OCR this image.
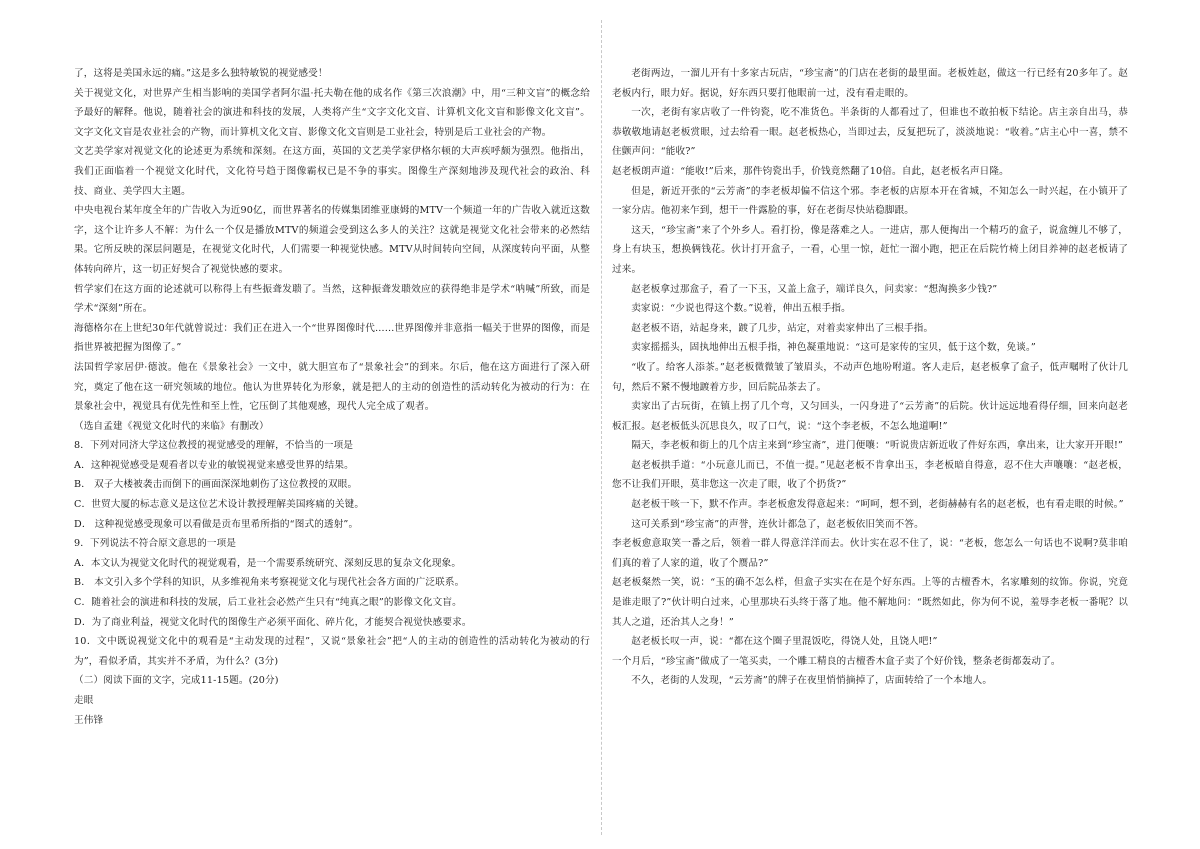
了，这将是美国永远的痛。”这是多么独特敏锐的视觉感受！

关于视觉文化，对世界产生相当影响的美国学者阿尔温·托夫勒在他的成名作《第三次浪潮》中，用“三种文盲”的概念给予最好的解释。他说，随着社会的演进和科技的发展，人类将产生“文字文化文盲、计算机文化文盲和影像文化文盲”。文字文化文盲是农业社会的产物，而计算机文化文盲、影像文化文盲则是工业社会，特别是后工业社会的产物。

文艺美学家对视觉文化的论述更为系统和深刻。在这方面，英国的文艺美学家伊格尔顿的大声疾呼颇为强烈。他指出，我们正面临着一个视觉文化时代，文化符号趋于图像霸权已是不争的事实。图像生产深刻地涉及现代社会的政治、科技、商业、美学四大主题。

中央电视台某年度全年的广告收入为近90亿，而世界著名的传媒集团维亚康姆的MTV一个频道一年的广告收入就近这数字，这个让许多人不解：为什么一个仅是播放MTV的频道会受到这么多人的关注？这就是视觉文化社会带来的必然结果。它所反映的深层问题是，在视觉文化时代，人们需要一种视觉快感。MTV从时间转向空间，从深度转向平面，从整体转向碎片，这一切正好契合了视觉快感的要求。

哲学家们在这方面的论述就可以称得上有些振聋发聩了。当然，这种振聋发聩效应的获得绝非是学术“呐喊”所致，而是学术“深刻”所在。

海德格尔在上世纪30年代就曾说过：我们正在进入一个“世界图像时代……世界图像并非意指一幅关于世界的图像，而是指世界被把握为图像了。”

法国哲学家居伊·德波。他在《景象社会》一文中，就大胆宣布了“景象社会”的到来。尔后，他在这方面进行了深入研究，奠定了他在这一研究领域的地位。他认为世界转化为形象，就是把人的主动的创造性的活动转化为被动的行为：在景象社会中，视觉具有优先性和至上性，它压倒了其他观感，现代人完全成了观者。

（选自孟建《视觉文化时代的来临》有删改）

8．下列对同济大学这位教授的视觉感受的理解，不恰当的一项是

A．这种视觉感受是观看者以专业的敏锐视觉来感受世界的结果。

B． 双子大楼被袭击而倒下的画面深深地刺伤了这位教授的双眼。

C．世贸大厦的标志意义是这位艺术设计教授理解美国疼痛的关键。

D． 这种视觉感受现象可以看做是贡布里希所指的“图式的透射”。

9．下列说法不符合原文意思的一项是

A．本文认为视觉文化时代的视觉观看，是一个需要系统研究、深刻反思的复杂文化现象。

B． 本文引入多个学科的知识，从多维视角来考察视觉文化与现代社会各方面的广泛联系。

C．随着社会的演进和科技的发展，后工业社会必然产生只有“纯真之眼”的影像文化文盲。

D．为了商业利益，视觉文化时代的图像生产必须平面化、碎片化，才能契合视觉快感要求。

10．文中既说视觉文化中的观看是“主动发现的过程”，又说“景象社会”把“人的主动的创造性的活动转化为被动的行为”，看似矛盾，其实并不矛盾，为什么？(3分)

（二）阅读下面的文字，完成11-15题。(20分)

走眼

王伟锋

老街两边，一溜儿开有十多家古玩店，“珍宝斋”的门店在老街的最里面。老板姓赵，做这一行已经有20多年了。赵老板内行，眼力好。据说，好东西只要打他眼前一过，没有看走眼的。

一次，老街有家店收了一件钧瓷，吃不准货色。半条街的人都看过了，但谁也不敢拍板下结论。店主亲自出马，恭恭敬敬地请赵老板赏眼，过去给看一眼。赵老板热心，当即过去，反复把玩了，淡淡地说：“收着。”店主心中一喜，禁不住颤声问：“能收?”

赵老板朗声道：“能收!”后来，那件钧瓷出手，价钱竟然翻了10倍。自此，赵老板名声日隆。

但是，新近开张的“云芳斋”的李老板却偏不信这个邪。李老板的店原本开在省城，不知怎么一时兴起，在小镇开了一家分店。他初来乍到，想干一件露脸的事，好在老街尽快站稳脚跟。

这天，“珍宝斋”来了个外乡人。看打扮，像是落难之人。一进店，那人便掏出一个精巧的盒子，说盒缠儿不够了，身上有块玉，想换俩钱花。伙计打开盒子，一看，心里一惊，赶忙一溜小跑，把正在后院竹椅上闭目养神的赵老板请了过来。

赵老板拿过那盒子，看了一下玉，又盖上盒子，端详良久，问卖家：“想淘换多少钱?”

卖家说：“少说也得这个数。”说着，伸出五根手指。

赵老板不语，站起身来，踱了几步，站定，对着卖家伸出了三根手指。

卖家摇摇头，固执地伸出五根手指，神色凝重地说：“这可是家传的宝贝，低于这个数，免谈。”

“收了。给客人添茶。”赵老板微微皱了皱眉头，不动声色地吩咐道。客人走后，赵老板拿了盒子，低声嘱咐了伙计几句，然后不紧不慢地踱着方步，回后院品茶去了。

卖家出了古玩街，在镇上拐了几个弯，又匀回头，一闪身进了“云芳斋”的后院。伙计远远地看得仔细，回来向赵老板汇报。赵老板低头沉思良久，叹了口气，说：“这个李老板，不怎么地道啊!”

隔天，李老板和街上的几个店主来到“珍宝斋”，进门便嚷：“听说贵店新近收了件好东西，拿出来，让大家开开眼!”

赵老板拱手道：“小玩意儿而已，不值一提。”见赵老板不肯拿出玉，李老板暗自得意，忍不住大声嚷嚷：“赵老板，您不让我们开眼，莫非您这一次走了眼，收了个扔货?”

赵老板干咳一下，默不作声。李老板愈发得意起来：“呵呵，想不到，老街赫赫有名的赵老板，也有看走眼的时候。”

这可关系到“珍宝斋”的声誉，连伙计都急了，赵老板依旧笑而不答。

李老板愈意取笑一番之后，领着一群人得意洋洋而去。伙计实在忍不住了，说：“老板，您怎么一句话也不说啊?莫非咱们真的着了人家的道，收了个赝品?”

赵老板粲然一笑，说：“玉的确不怎么样，但盒子实实在在是个好东西。上等的古檀香木，名家雕刻的纹饰。你说，究竟是谁走眼了?”伙计明白过来，心里那块石头终于落了地。他不解地问：“既然如此，你为何不说，羞辱李老板一番呢？以其人之道，还治其人之身！”

赵老板长叹一声，说：“都在这个圈子里混饭吃，得饶人处，且饶人吧!”

一个月后，“珍宝斋”做成了一笔买卖，一个雕工精良的古檀香木盒子卖了个好价钱，整条老街都轰动了。

不久，老街的人发现，“云芳斋”的牌子在夜里悄悄摘掉了，店面转给了一个本地人。
